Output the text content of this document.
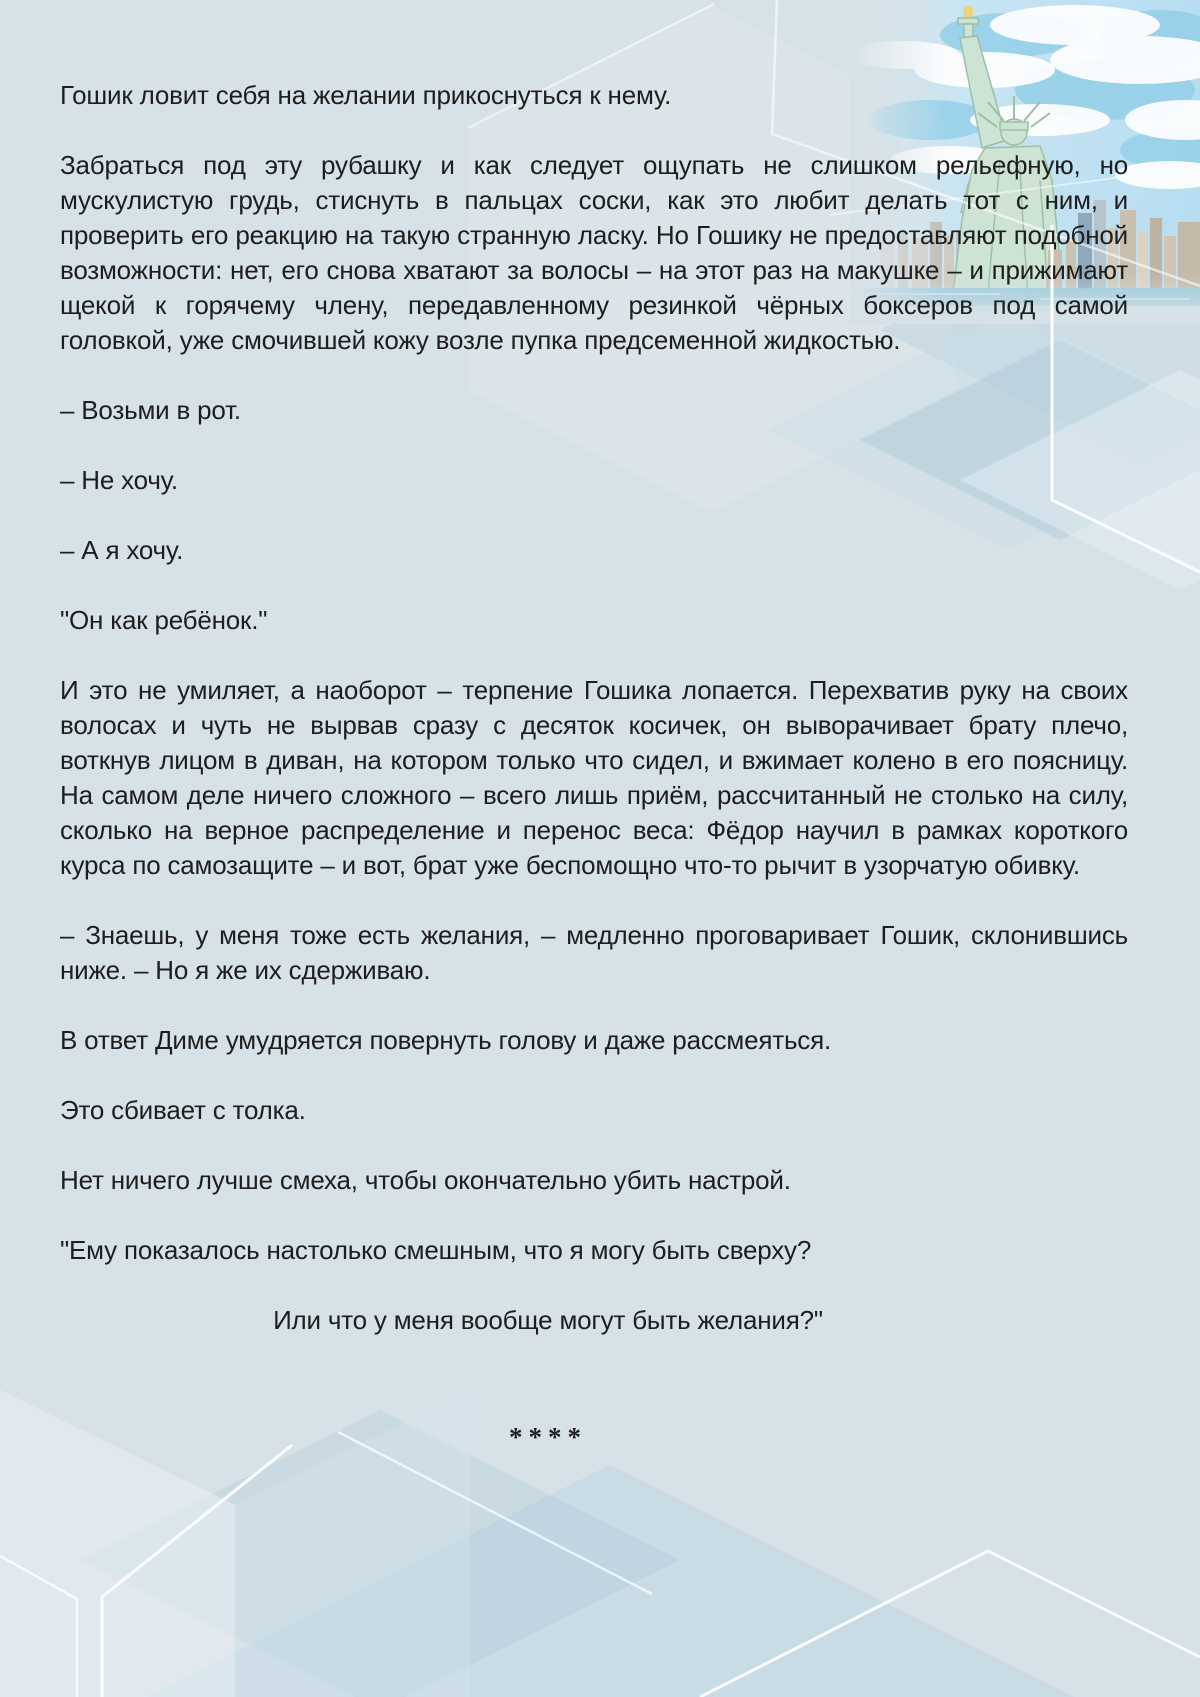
Гошик ловит себя на желании прикоснуться к нему.

Забраться под эту рубашку и как следует ощупать не слишком рельефную, но мускулистую грудь, стиснуть в пальцах соски, как это любит делать тот с ним, и проверить его реакцию на такую странную ласку. Но Гошику не предоставляют подобной возможности: нет, его снова хватают за волосы – на этот раз на макушке – и прижимают щекой к горячему члену, передавленному резинкой чёрных боксеров под самой головкой, уже смочившей кожу возле пупка предсеменной жидкостью.

– Возьми в рот.

– Не хочу.

– А я хочу.

"Он как ребёнок."

И это не умиляет, а наоборот – терпение Гошика лопается. Перехватив руку на своих волосах и чуть не вырвав сразу с десяток косичек, он выворачивает брату плечо, воткнув лицом в диван, на котором только что сидел, и вжимает колено в его поясницу. На самом деле ничего сложного – всего лишь приём, рассчитанный не столько на силу, сколько на верное распределение и перенос веса: Фёдор научил в рамках короткого курса по самозащите – и вот, брат уже беспомощно что-то рычит в узорчатую обивку.

– Знаешь, у меня тоже есть желания, – медленно проговаривает Гошик, склонившись ниже. – Но я же их сдерживаю.

В ответ Диме умудряется повернуть голову и даже рассмеяться.

Это сбивает с толка.

Нет ничего лучше смеха, чтобы окончательно убить настрой.

"Ему показалось настолько смешным, что я могу быть сверху?

Или что у меня вообще могут быть желания?"

****
